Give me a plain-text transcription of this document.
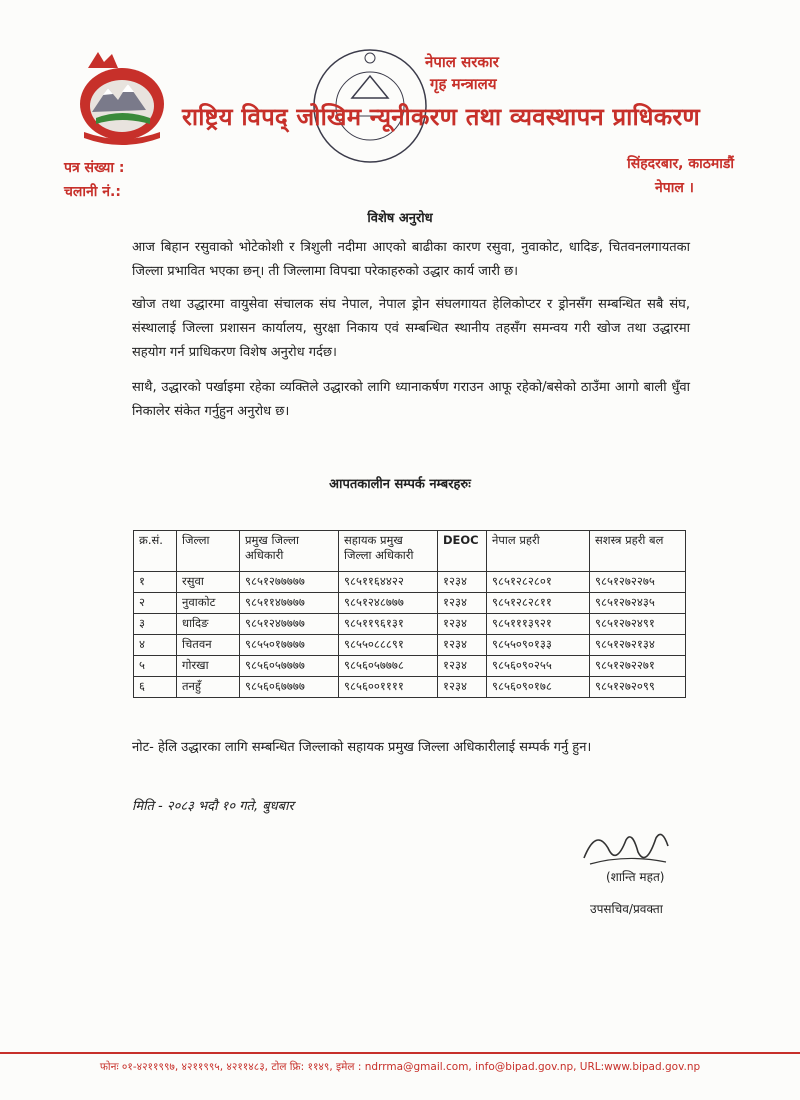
नेपाल सरकार
गृह मन्त्रालय
राष्ट्रिय विपद् जोखिम न्यूनीकरण तथा व्यवस्थापन प्राधिकरण
पत्र संख्या :
चलानी नं.:
सिंहदरबार, काठमाडौं
नेपाल ।
विशेष अनुरोध
आज बिहान रसुवाको भोटेकोशी र त्रिशुली नदीमा आएको बाढीका कारण रसुवा, नुवाकोट, धादिङ, चितवनलगायतका जिल्ला प्रभावित भएका छन्। ती जिल्लामा विपद्मा परेकाहरुको उद्धार कार्य जारी छ।
खोज तथा उद्धारमा वायुसेवा संचालक संघ नेपाल, नेपाल ड्रोन संघलगायत हेलिकोप्टर र ड्रोनसँग सम्बन्धित सबै संघ, संस्थालाई जिल्ला प्रशासन कार्यालय, सुरक्षा निकाय एवं सम्बन्धित स्थानीय तहसँग समन्वय गरी खोज तथा उद्धारमा सहयोग गर्न प्राधिकरण विशेष अनुरोध गर्दछ।
साथै, उद्धारको पर्खाइमा रहेका व्यक्तिले उद्धारको लागि ध्यानाकर्षण गराउन आफू रहेको/बसेको ठाउँमा आगो बाली धुँवा निकालेर संकेत गर्नुहुन अनुरोध छ।
आपतकालीन सम्पर्क नम्बरहरुः
क्र.सं.	जिल्ला	प्रमुख जिल्ला अधिकारी	सहायक प्रमुख जिल्ला अधिकारी	DEOC	नेपाल प्रहरी	सशस्त्र प्रहरी बल
१	रसुवा	९८५१२७७७७७	९८५११६४४२२	१२३४	९८५१२८२८०१	९८५१२७२२७५
२	नुवाकोट	९८५११४७७७७	९८५१२४८७७७	१२३४	९८५१२८२८११	९८५१२७२४३५
३	धादिङ	९८५१२४७७७७	९८५११९६१३१	१२३४	९८५१११३९२१	९८५१२७२४९१
४	चितवन	९८५५०१७७७७	९८५५०८८८९१	१२३४	९८५५०९०१३३	९८५१२७२१३४
५	गोरखा	९८५६०५७७७७	९८५६०५७७७८	१२३४	९८५६०९०२५५	९८५१२७२२७१
६	तनहुँ	९८५६०६७७७७	९८५६००११११	१२३४	९८५६०९०१७८	९८५१२७२०९९
नोट- हेलि उद्धारका लागि सम्बन्धित जिल्लाको सहायक प्रमुख जिल्ला अधिकारीलाई सम्पर्क गर्नु हुन।
मिति - २०८३ भदौ १० गते, बुधबार
(शान्ति महत)
उपसचिव/प्रवक्ता
फोनः ०१-४२११९९७, ४२११९९५, ४२११४८३, टोल फ्रि: ११४९, इमेल : ndrrma@gmail.com, info@bipad.gov.np, URL:www.bipad.gov.np
